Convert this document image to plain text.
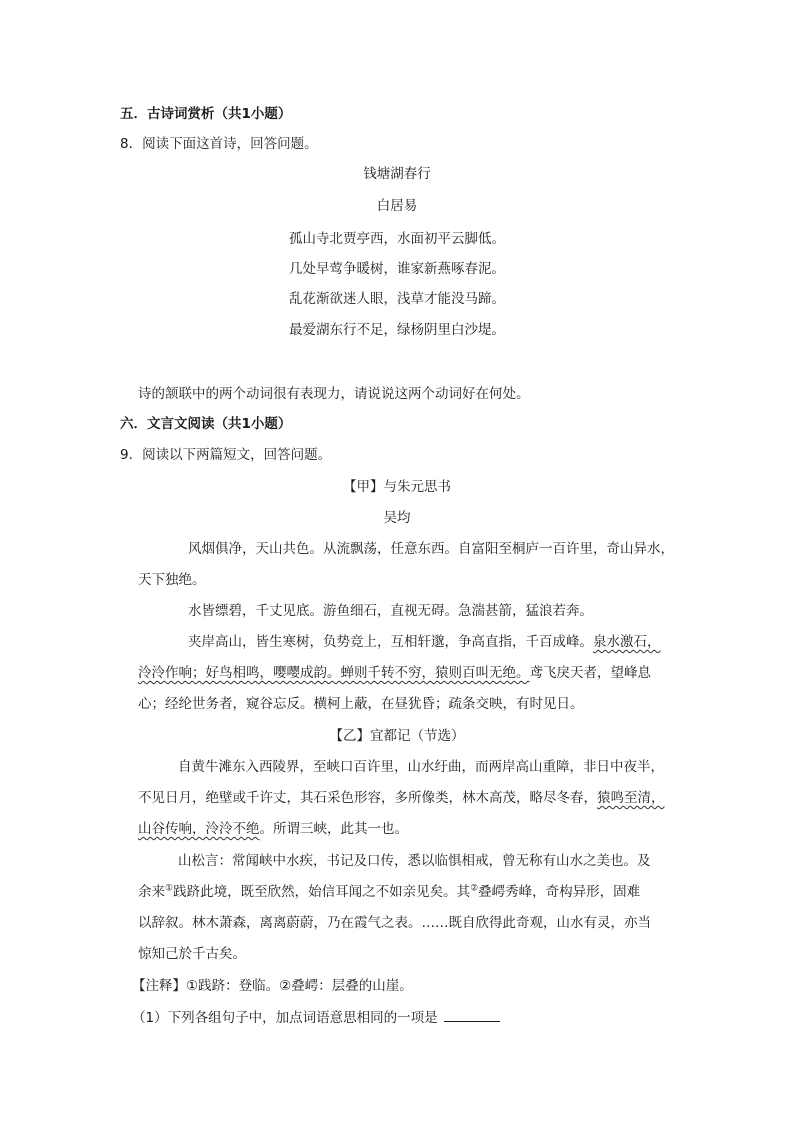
五．古诗词赏析（共1小题）
8．阅读下面这首诗，回答问题。
钱塘湖春行
白居易
孤山寺北贾亭西，水面初平云脚低。
几处早莺争暖树，谁家新燕啄春泥。
乱花渐欲迷人眼，浅草才能没马蹄。
最爱湖东行不足，绿杨阴里白沙堤。
诗的颔联中的两个动词很有表现力，请说说这两个动词好在何处。
六．文言文阅读（共1小题）
9．阅读以下两篇短文，回答问题。
【甲】与朱元思书
吴均
风烟俱净，天山共色。从流飘荡，任意东西。自富阳至桐庐一百许里，奇山异水，
天下独绝。
水皆缥碧，千丈见底。游鱼细石，直视无碍。急湍甚箭，猛浪若奔。
夹岸高山，皆生寒树，负势竞上，互相轩邈，争高直指，千百成峰。泉水激石，
泠泠作响；好鸟相鸣，嘤嘤成韵。蝉则千转不穷，猿则百叫无绝。鸢飞戾天者，望峰息
心；经纶世务者，窥谷忘反。横柯上蔽，在昼犹昏；疏条交映，有时见日。
【乙】宜都记（节选）
自黄牛滩东入西陵界，至峡口百许里，山水纡曲，而两岸高山重障，非日中夜半，
不见日月，绝壁或千许丈，其石采色形容，多所像类，林木高茂，略尽冬春，猿鸣至清，
山谷传响，泠泠不绝。所谓三峡，此其一也。
山松言：常闻峡中水疾，书记及口传，悉以临惧相戒，曾无称有山水之美也。及
余来①践跻此境，既至欣然，始信耳闻之不如亲见矣。其②叠崿秀峰，奇构异形，固难
以辞叙。林木萧森，离离蔚蔚，乃在霞气之表。……既自欣得此奇观，山水有灵，亦当
惊知己於千古矣。
【注释】①践跻：登临。②叠崿：层叠的山崖。
（1）下列各组句子中，加点词语意思相同的一项是
